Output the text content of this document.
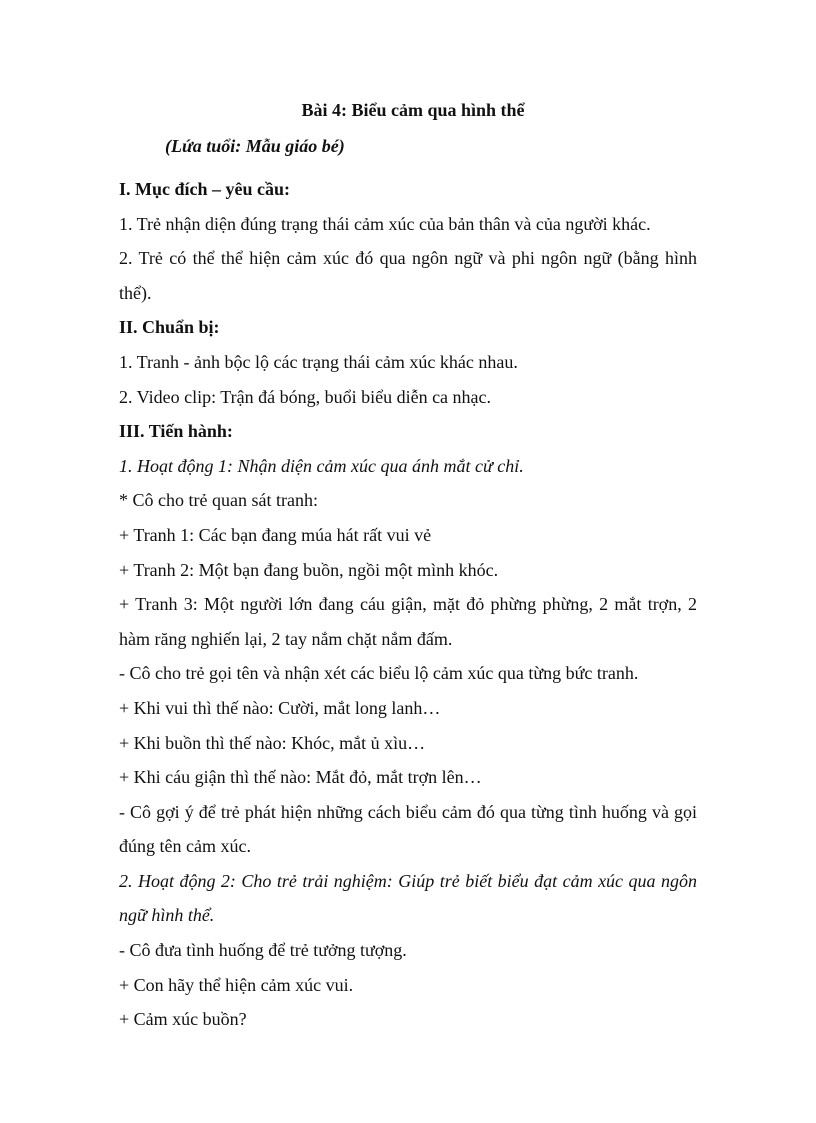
Bài 4: Biểu cảm qua hình thể
(Lứa tuổi: Mẫu giáo bé)

I. Mục đích – yêu cầu:

1. Trẻ nhận diện đúng trạng thái cảm xúc của bản thân và của người khác.

2. Trẻ có thể thể hiện cảm xúc đó qua ngôn ngữ và phi ngôn ngữ (bằng hình thể).

II. Chuẩn bị:

1. Tranh - ảnh bộc lộ các trạng thái cảm xúc khác nhau.

2. Video clip: Trận đá bóng, buổi biểu diễn ca nhạc.

III. Tiến hành:

1. Hoạt động 1: Nhận diện cảm xúc qua ánh mắt cử chỉ.

* Cô cho trẻ quan sát tranh:

+ Tranh 1: Các bạn đang múa hát rất vui vẻ

+ Tranh 2: Một bạn đang buồn, ngồi một mình khóc.

+ Tranh 3: Một người lớn đang cáu giận, mặt đỏ phừng phừng, 2 mắt trợn, 2 hàm răng nghiến lại, 2 tay nắm chặt nắm đấm.

- Cô cho trẻ gọi tên và nhận xét các biểu lộ cảm xúc qua từng bức tranh.

+ Khi vui thì thế nào: Cười, mắt long lanh…

+ Khi buồn thì thế nào: Khóc, mắt ủ xìu…

+ Khi cáu giận thì thế nào: Mắt đỏ, mắt trợn lên…

- Cô gợi ý để trẻ phát hiện những cách biểu cảm đó qua từng tình huống và gọi đúng tên cảm xúc.

2. Hoạt động 2: Cho trẻ trải nghiệm: Giúp trẻ biết biểu đạt cảm xúc qua ngôn ngữ hình thể.

- Cô đưa tình huống để trẻ tưởng tượng.

+ Con hãy thể hiện cảm xúc vui.

+ Cảm xúc buồn?
